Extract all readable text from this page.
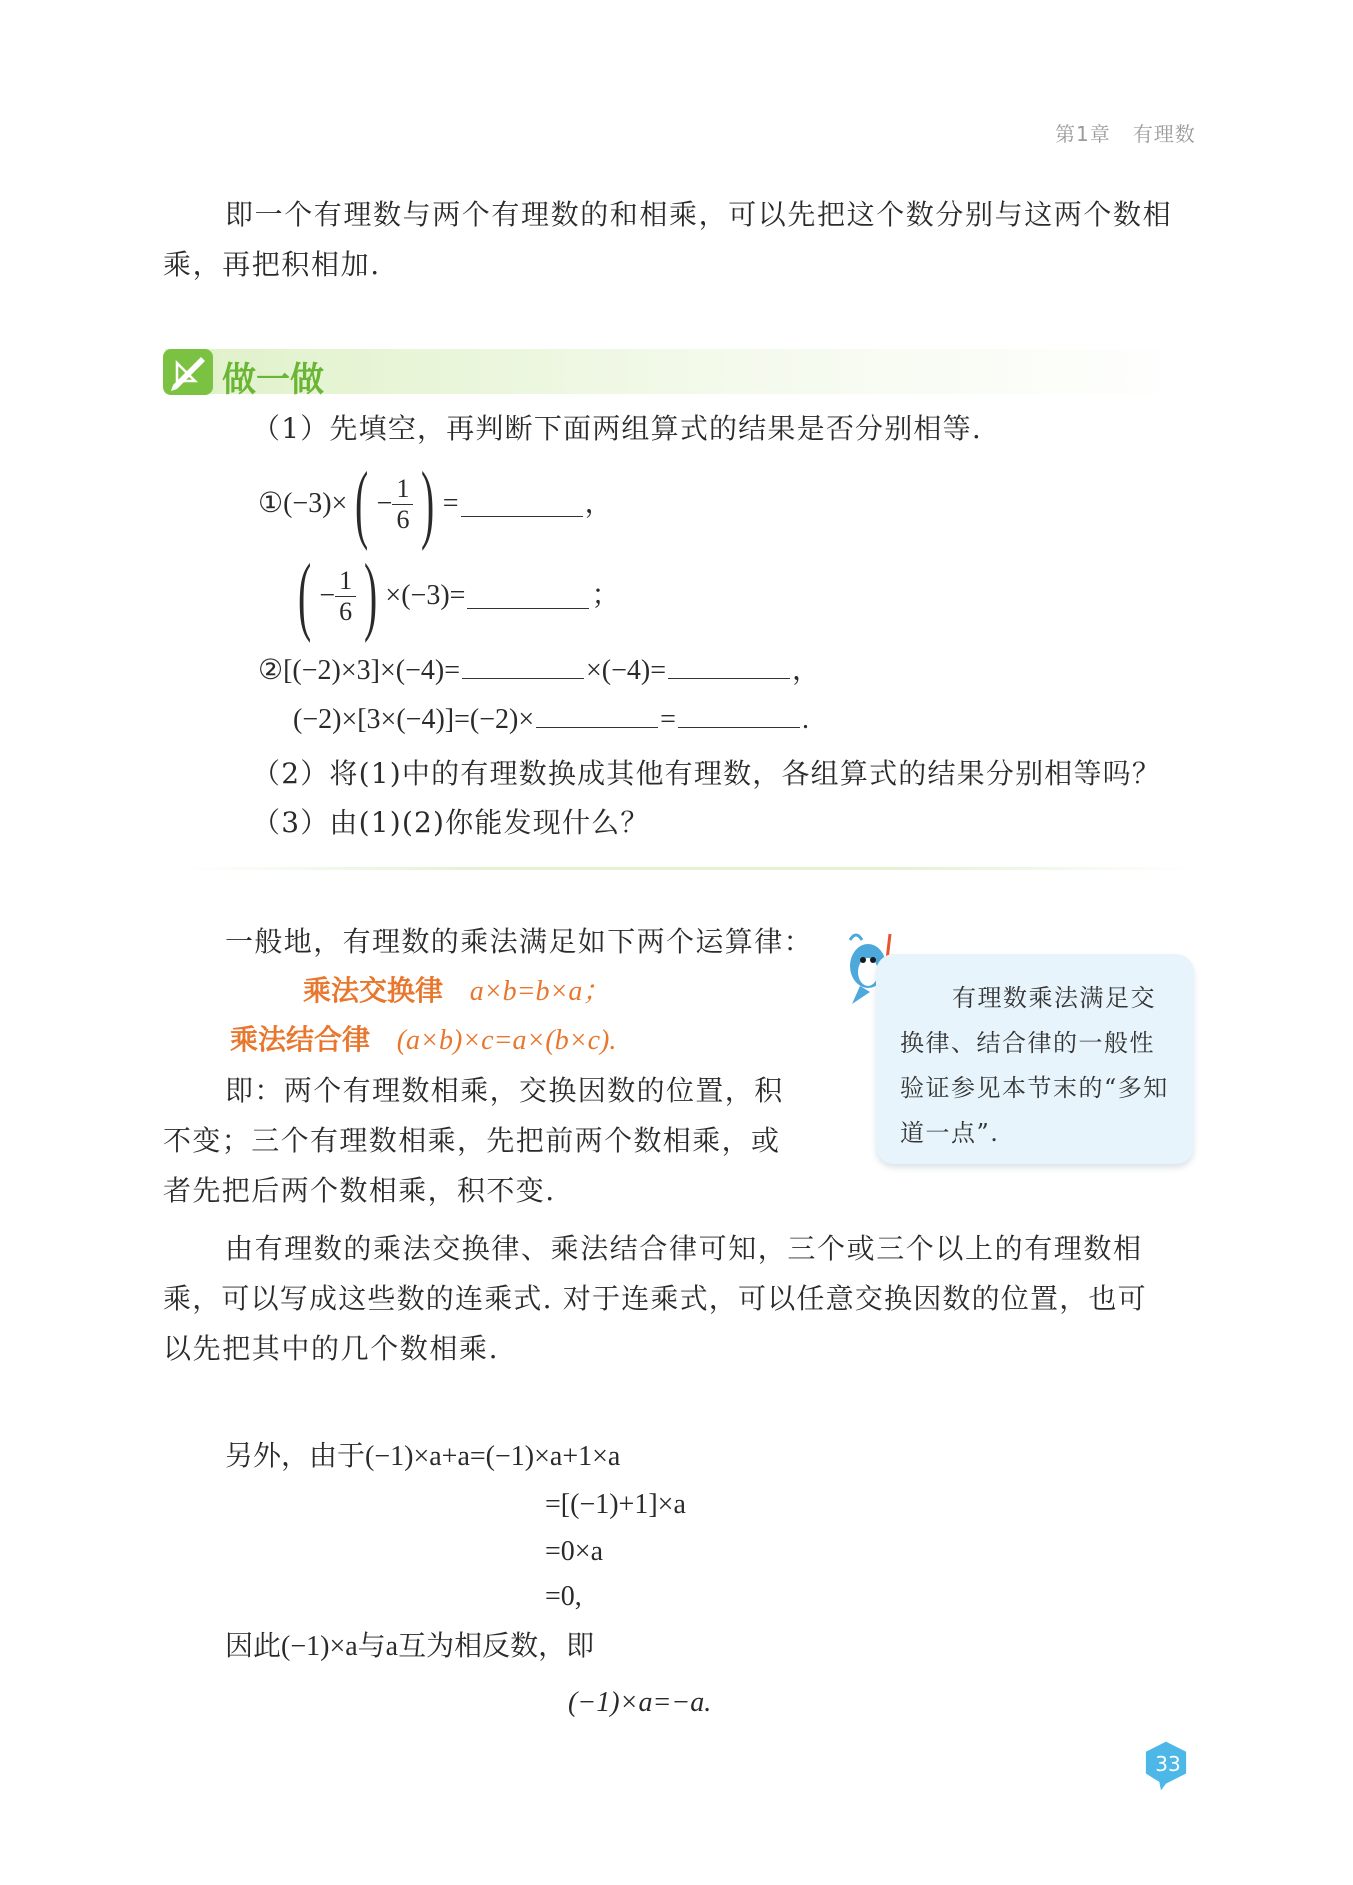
第1章 有理数
即一个有理数与两个有理数的和相乘，可以先把这个数分别与这两个数相
乘，再把积相加.
做一做
（1）先填空，再判断下面两组算式的结果是否分别相等.
① (−3)× ( − $\frac{1}{6}$ ) =	，
( − $\frac{1}{6}$ ) ×(−3)=	；
②[(−2)×3]×(−4)=	×(−4)=	，
(−2)×[3×(−4)]=(−2)×	=	.
（2）将(1)中的有理数换成其他有理数，各组算式的结果分别相等吗？
（3）由(1)(2)你能发现什么？
一般地，有理数的乘法满足如下两个运算律：
乘法交换律 a×b=b×a；
乘法结合律 (a×b)×c=a×(b×c).
即：两个有理数相乘，交换因数的位置，积
不变；三个有理数相乘，先把前两个数相乘，或
者先把后两个数相乘，积不变.
有理数乘法满足交换律、结合律的一般性验证参见本节末的“多知道一点”.
由有理数的乘法交换律、乘法结合律可知，三个或三个以上的有理数相
乘，可以写成这些数的连乘式. 对于连乘式，可以任意交换因数的位置，也可
以先把其中的几个数相乘.
另外，由于(−1)×a+a=(−1)×a+1×a
=[(−1)+1]×a
=0×a
=0,
因此(−1)×a与a互为相反数，即
(−1)×a=−a.
33
